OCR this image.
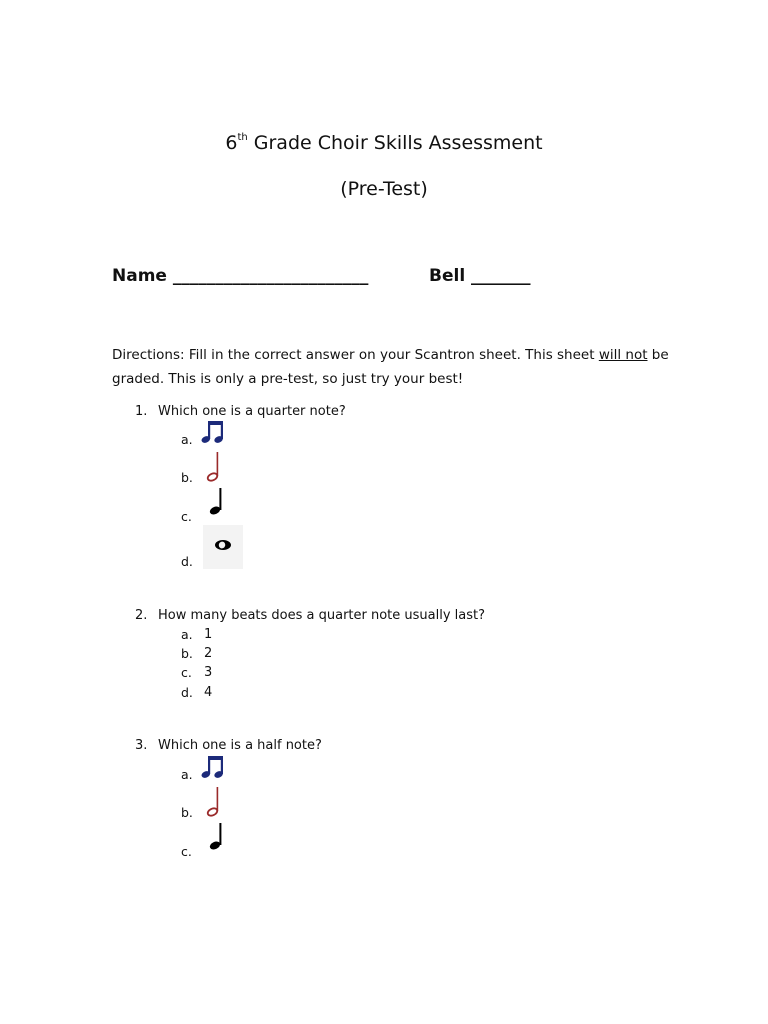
6th Grade Choir Skills Assessment
(Pre-Test)
Name _______________________	Bell _______
Directions: Fill in the correct answer on your Scantron sheet. This sheet will not be graded. This is only a pre-test, so just try your best!
1. Which one is a quarter note?
a.
b.
c.
d.
2. How many beats does a quarter note usually last?
a. 1
b. 2
c. 3
d. 4
3. Which one is a half note?
a.
b.
c.
